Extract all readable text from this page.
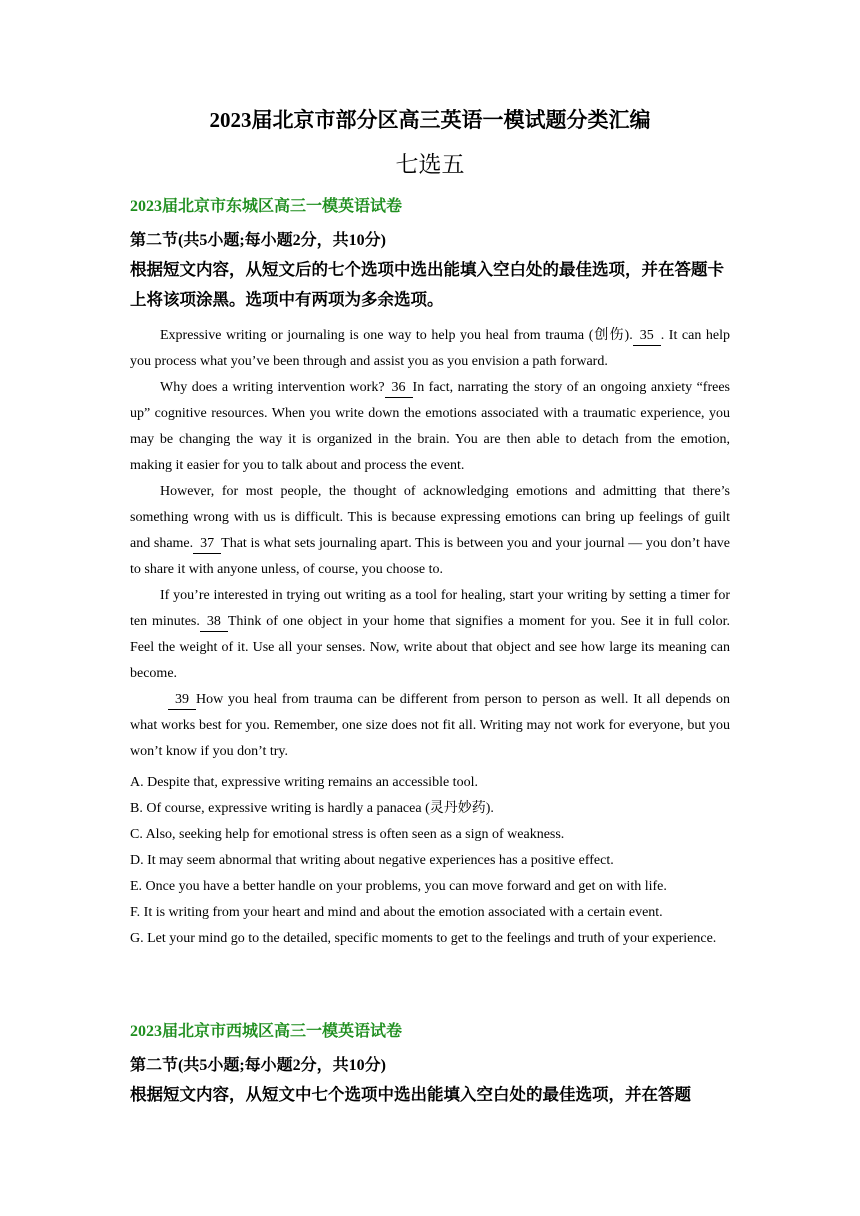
2023届北京市部分区高三英语一模试题分类汇编
七选五
2023届北京市东城区高三一模英语试卷
第二节(共5小题;每小题2分，共10分)
根据短文内容，从短文后的七个选项中选出能填入空白处的最佳选项，并在答题卡上将该项涂黑。选项中有两项为多余选项。

Expressive writing or journaling is one way to help you heal from trauma (创伤). 35 . It can help you process what you’ve been through and assist you as you envision a path forward.

Why does a writing intervention work? 36 In fact, narrating the story of an ongoing anxiety “frees up” cognitive resources. When you write down the emotions associated with a traumatic experience, you may be changing the way it is organized in the brain. You are then able to detach from the emotion, making it easier for you to talk about and process the event.

However, for most people, the thought of acknowledging emotions and admitting that there’s something wrong with us is difficult. This is because expressing emotions can bring up feelings of guilt and shame. 37 That is what sets journaling apart. This is between you and your journal — you don’t have to share it with anyone unless, of course, you choose to.

If you’re interested in trying out writing as a tool for healing, start your writing by setting a timer for ten minutes. 38 Think of one object in your home that signifies a moment for you. See it in full color. Feel the weight of it. Use all your senses. Now, write about that object and see how large its meaning can become.

39 How you heal from trauma can be different from person to person as well. It all depends on what works best for you. Remember, one size does not fit all. Writing may not work for everyone, but you won’t know if you don’t try.

A. Despite that, expressive writing remains an accessible tool.
B. Of course, expressive writing is hardly a panacea (灵丹妙药).
C. Also, seeking help for emotional stress is often seen as a sign of weakness.
D. It may seem abnormal that writing about negative experiences has a positive effect.
E. Once you have a better handle on your problems, you can move forward and get on with life.
F. It is writing from your heart and mind and about the emotion associated with a certain event.
G. Let your mind go to the detailed, specific moments to get to the feelings and truth of your experience.
2023届北京市西城区高三一模英语试卷
第二节(共5小题;每小题2分，共10分)
根据短文内容，从短文中七个选项中选出能填入空白处的最佳选项，并在答题
